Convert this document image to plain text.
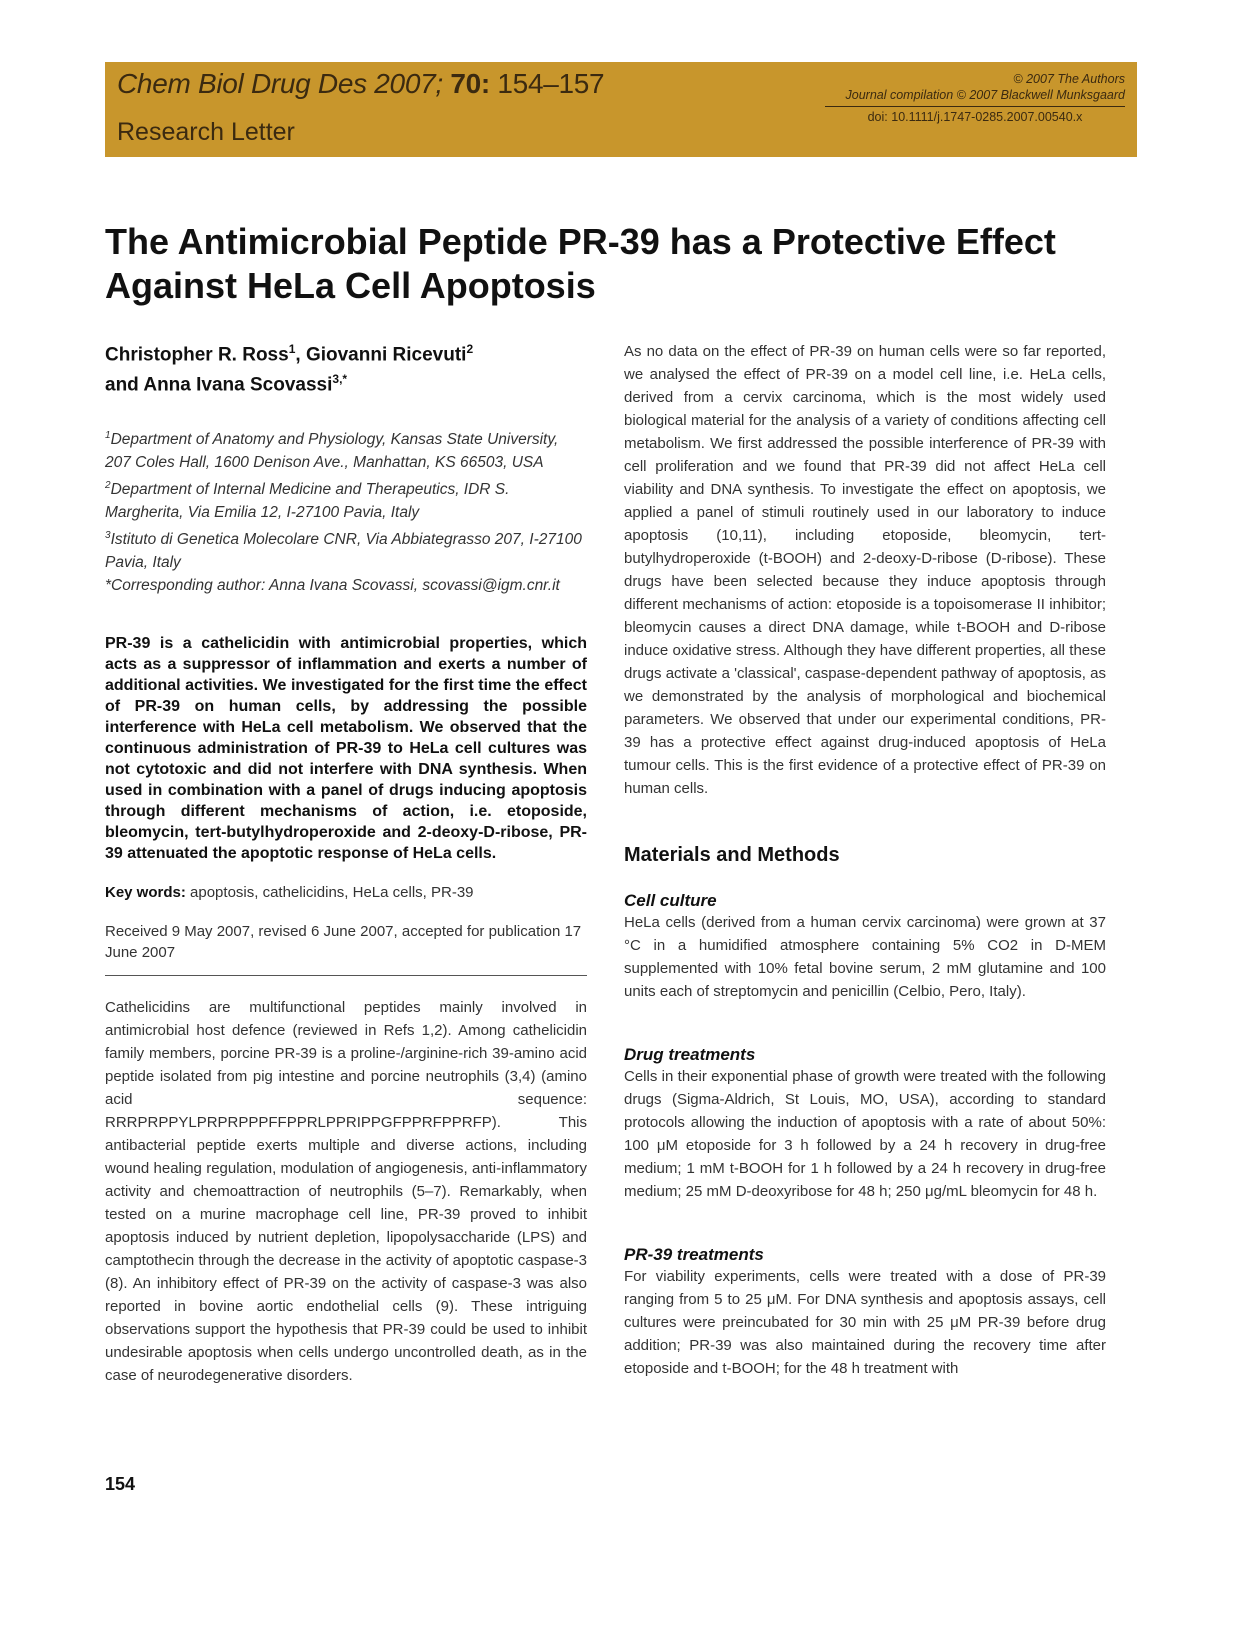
Chem Biol Drug Des 2007; 70: 154–157
Research Letter
© 2007 The Authors
Journal compilation © 2007 Blackwell Munksgaard
doi: 10.1111/j.1747-0285.2007.00540.x
The Antimicrobial Peptide PR-39 has a Protective Effect Against HeLa Cell Apoptosis
Christopher R. Ross$^1$, Giovanni Ricevuti$^2$
and Anna Ivana Scovassi$^{3,*}$
$^1$Department of Anatomy and Physiology, Kansas State University, 207 Coles Hall, 1600 Denison Ave., Manhattan, KS 66503, USA
$^2$Department of Internal Medicine and Therapeutics, IDR S. Margherita, Via Emilia 12, I-27100 Pavia, Italy
$^3$Istituto di Genetica Molecolare CNR, Via Abbiategrasso 207, I-27100 Pavia, Italy
*Corresponding author: Anna Ivana Scovassi, scovassi@igm.cnr.it

PR-39 is a cathelicidin with antimicrobial properties, which acts as a suppressor of inflammation and exerts a number of additional activities. We investigated for the first time the effect of PR-39 on human cells, by addressing the possible interference with HeLa cell metabolism. We observed that the continuous administration of PR-39 to HeLa cell cultures was not cytotoxic and did not interfere with DNA synthesis. When used in combination with a panel of drugs inducing apoptosis through different mechanisms of action, i.e. etoposide, bleomycin, tert-butylhydroperoxide and 2-deoxy-D-ribose, PR-39 attenuated the apoptotic response of HeLa cells.

Key words: apoptosis, cathelicidins, HeLa cells, PR-39
Received 9 May 2007, revised 6 June 2007, accepted for publication 17 June 2007

Cathelicidins are multifunctional peptides mainly involved in antimicrobial host defence (reviewed in Refs 1,2). Among cathelicidin family members, porcine PR-39 is a proline-/arginine-rich 39-amino acid peptide isolated from pig intestine and porcine neutrophils (3,4) (amino acid sequence: RRRPRPPYLPRPRPPPFFPPRLPPRIPPGFPPRFPPRFP). This antibacterial peptide exerts multiple and diverse actions, including wound healing regulation, modulation of angiogenesis, anti-inflammatory activity and chemoattraction of neutrophils (5–7). Remarkably, when tested on a murine macrophage cell line, PR-39 proved to inhibit apoptosis induced by nutrient depletion, lipopolysaccharide (LPS) and camptothecin through the decrease in the activity of apoptotic caspase-3 (8). An inhibitory effect of PR-39 on the activity of caspase-3 was also reported in bovine aortic endothelial cells (9). These intriguing observations support the hypothesis that PR-39 could be used to inhibit undesirable apoptosis when cells undergo uncontrolled death, as in the case of neurodegenerative disorders.

As no data on the effect of PR-39 on human cells were so far reported, we analysed the effect of PR-39 on a model cell line, i.e. HeLa cells, derived from a cervix carcinoma, which is the most widely used biological material for the analysis of a variety of conditions affecting cell metabolism. We first addressed the possible interference of PR-39 with cell proliferation and we found that PR-39 did not affect HeLa cell viability and DNA synthesis. To investigate the effect on apoptosis, we applied a panel of stimuli routinely used in our laboratory to induce apoptosis (10,11), including etoposide, bleomycin, tert-butylhydroperoxide (t-BOOH) and 2-deoxy-D-ribose (D-ribose). These drugs have been selected because they induce apoptosis through different mechanisms of action: etoposide is a topoisomerase II inhibitor; bleomycin causes a direct DNA damage, while t-BOOH and D-ribose induce oxidative stress. Although they have different properties, all these drugs activate a 'classical', caspase-dependent pathway of apoptosis, as we demonstrated by the analysis of morphological and biochemical parameters. We observed that under our experimental conditions, PR-39 has a protective effect against drug-induced apoptosis of HeLa tumour cells. This is the first evidence of a protective effect of PR-39 on human cells.

Materials and Methods
Cell culture

HeLa cells (derived from a human cervix carcinoma) were grown at 37 °C in a humidified atmosphere containing 5% CO2 in D-MEM supplemented with 10% fetal bovine serum, 2 mM glutamine and 100 units each of streptomycin and penicillin (Celbio, Pero, Italy).

Drug treatments

Cells in their exponential phase of growth were treated with the following drugs (Sigma-Aldrich, St Louis, MO, USA), according to standard protocols allowing the induction of apoptosis with a rate of about 50%: 100 μM etoposide for 3 h followed by a 24 h recovery in drug-free medium; 1 mM t-BOOH for 1 h followed by a 24 h recovery in drug-free medium; 25 mM D-deoxyribose for 48 h; 250 μg/mL bleomycin for 48 h.

PR-39 treatments

For viability experiments, cells were treated with a dose of PR-39 ranging from 5 to 25 μM. For DNA synthesis and apoptosis assays, cell cultures were preincubated for 30 min with 25 μM PR-39 before drug addition; PR-39 was also maintained during the recovery time after etoposide and t-BOOH; for the 48 h treatment with

154
